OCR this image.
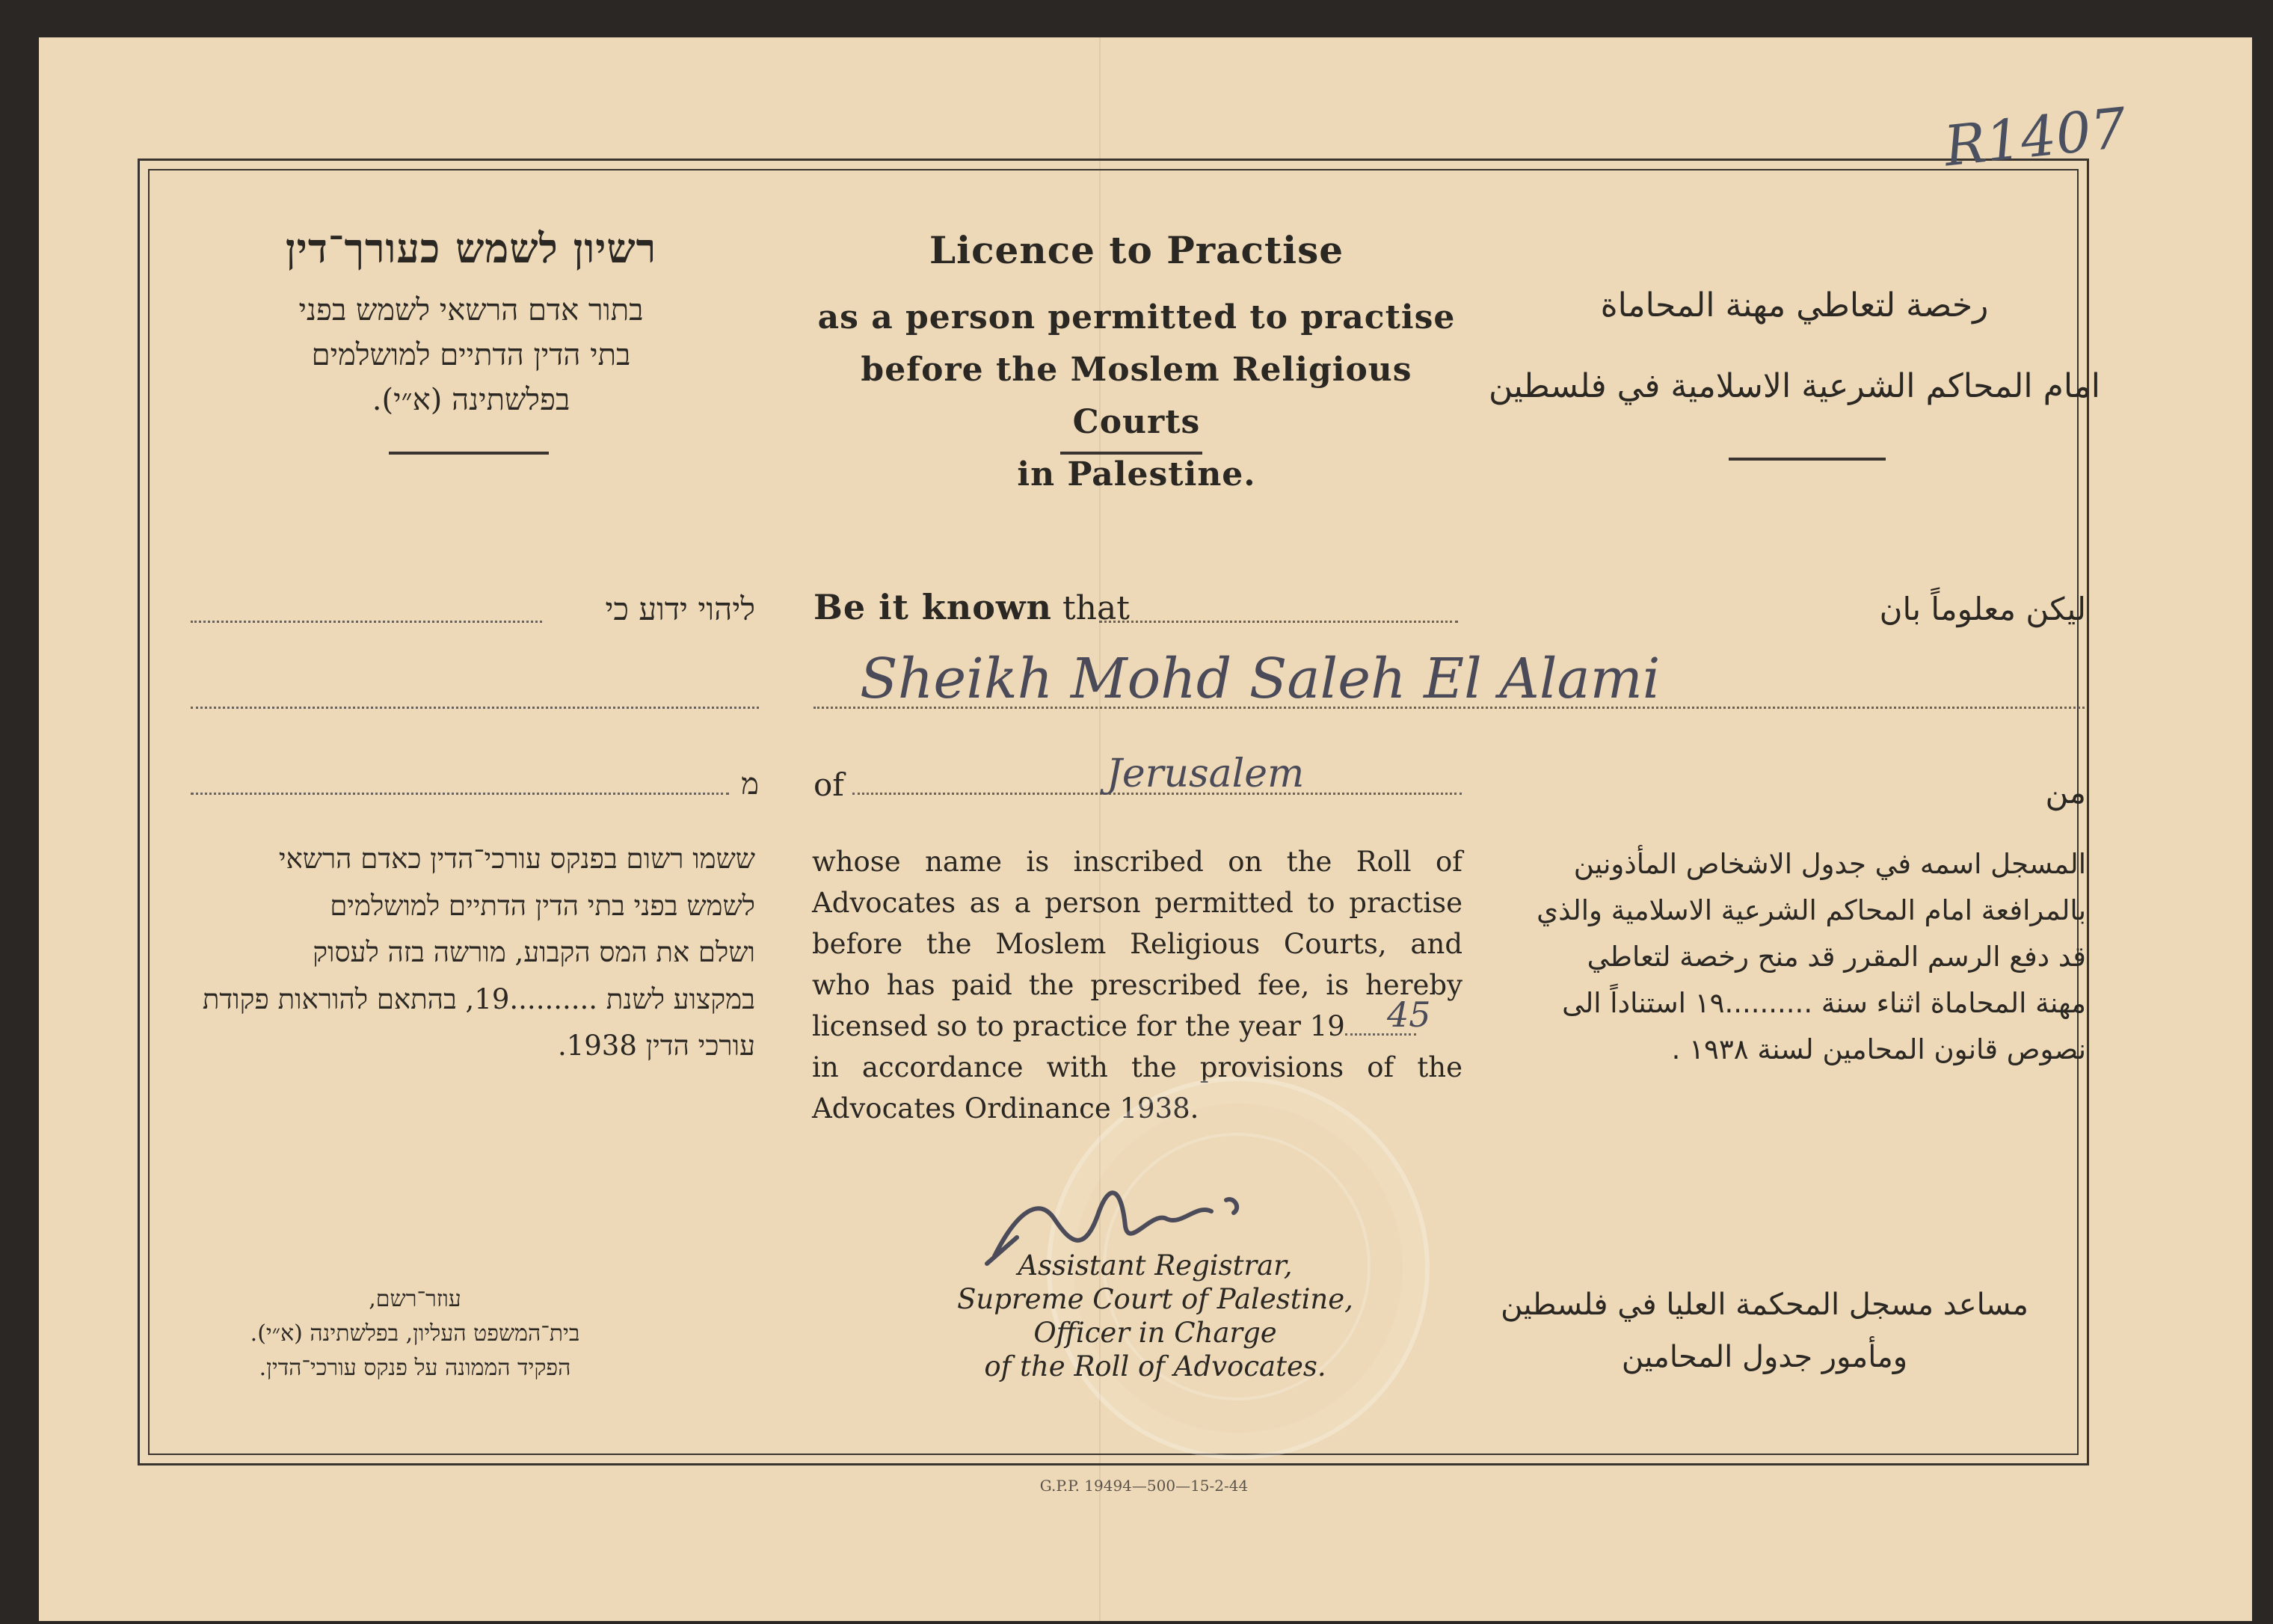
R1407
רשיון לשמש כעורך־דין
בתור אדם הרשאי לשמש בפני
בתי הדין הדתיים למושלמים
בפלשתינה (א״י).
Licence to Practise
as a person permitted to practise
before the Moslem Religious Courts
in Palestine.
رخصة لتعاطي مهنة المحاماة
امام المحاكم الشرعية الاسلامية في فلسطين
ליהוי ידוע כי Be it known that	ليكن معلوماً بان
Sheikh Mohd Saleh El Alami
מ of	Jerusalem	من
ששמו רשום בפנקס עורכי־הדין כאדם הרשאי
לשמש בפני בתי הדין הדתיים למושלמים
ושלם את המס הקבוע, מורשה בזה לעסוק
במקצוע לשנת ..........19, בהתאם להוראות פקודת
עורכי הדין 1938.
whose name is inscribed on the Roll of
Advocates as a person permitted to practise
before the Moslem Religious Courts, and
who has paid the prescribed fee, is hereby
licensed so to practice for the year 19
in accordance with the provisions of the
Advocates Ordinance 1938.
45
المسجل اسمه في جدول الاشخاص المأذونين
بالمرافعة امام المحاكم الشرعية الاسلامية والذي
قد دفع الرسم المقرر قد منح رخصة لتعاطي
مهنة المحاماة اثناء سنة ..........١٩ استناداً الى
نصوص قانون المحامين لسنة ١٩٣٨ .
עוזר־רשם,
בית־המשפט העליון, בפלשתינה (א״י).
הפקיד הממונה על פנקס עורכי־הדין.
Assistant Registrar,
Supreme Court of Palestine,
Officer in Charge
of the Roll of Advocates.
مساعد مسجل المحكمة العليا في فلسطين
ومأمور جدول المحامين
G.P.P. 19494—500—15-2-44
